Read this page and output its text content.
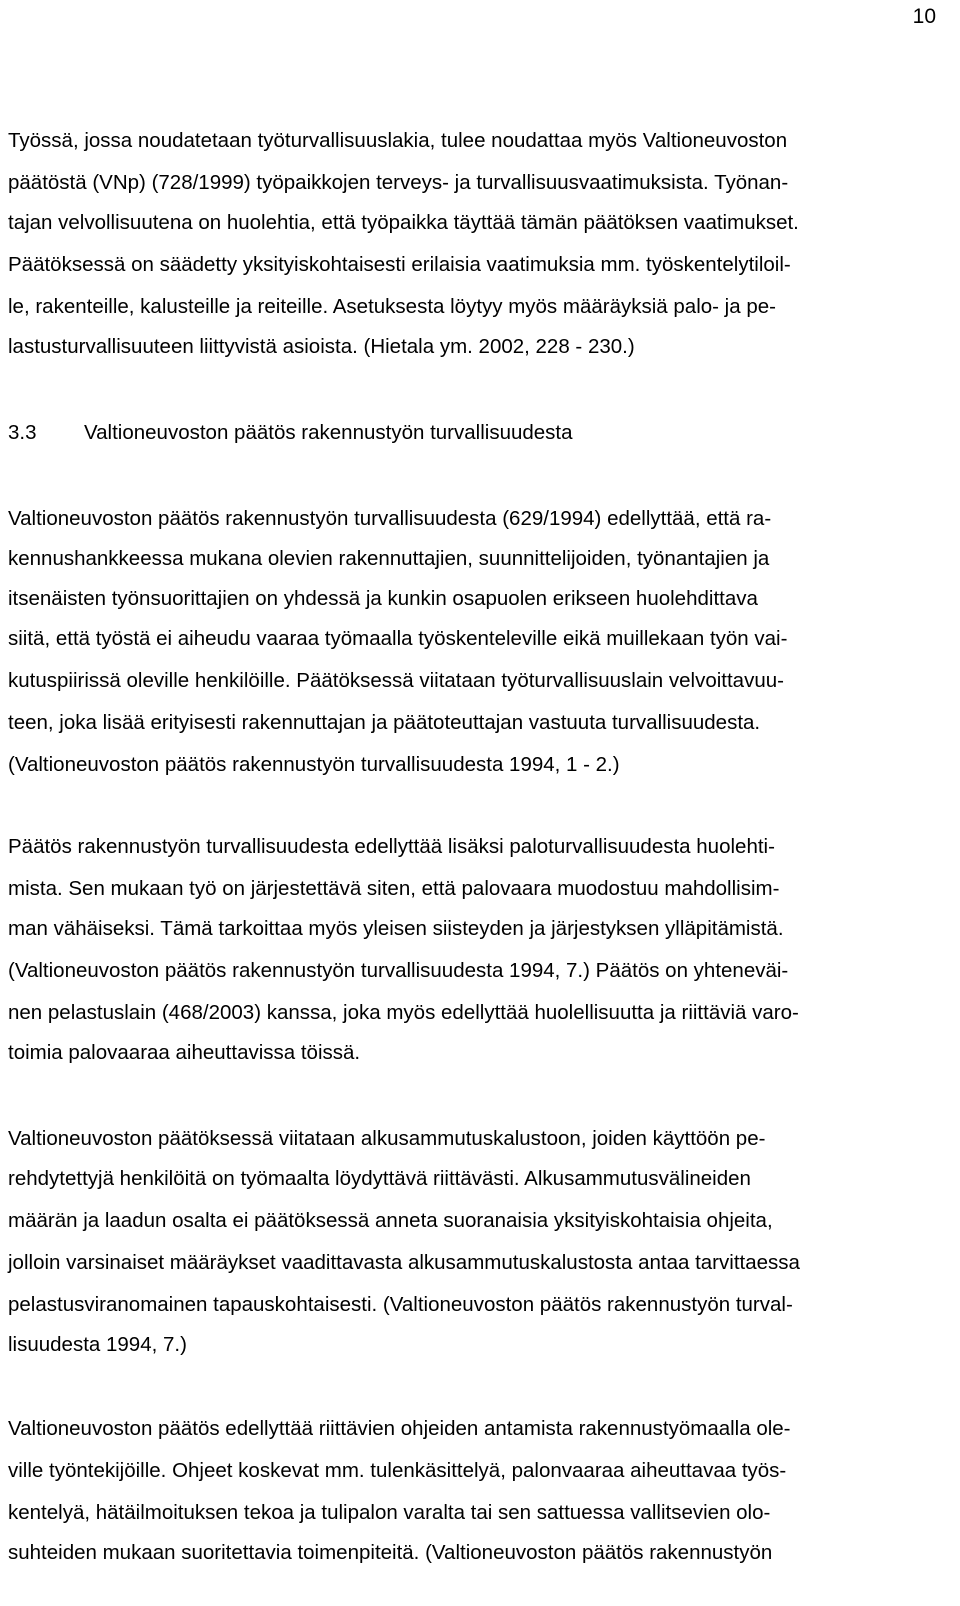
10
Työssä, jossa noudatetaan työturvallisuuslakia, tulee noudattaa myös Valtioneuvoston
päätöstä (VNp) (728/1999) työpaikkojen terveys- ja turvallisuusvaatimuksista. Työnan-
tajan velvollisuutena on huolehtia, että työpaikka täyttää tämän päätöksen vaatimukset.
Päätöksessä on säädetty yksityiskohtaisesti erilaisia vaatimuksia mm. työskentelytiloil-
le, rakenteille, kalusteille ja reiteille. Asetuksesta löytyy myös määräyksiä palo- ja pe-
lastusturvallisuuteen liittyvistä asioista. (Hietala ym. 2002, 228 - 230.)
3.3 Valtioneuvoston päätös rakennustyön turvallisuudesta
Valtioneuvoston päätös rakennustyön turvallisuudesta (629/1994) edellyttää, että ra-
kennushankkeessa mukana olevien rakennuttajien, suunnittelijoiden, työnantajien ja
itsenäisten työnsuorittajien on yhdessä ja kunkin osapuolen erikseen huolehdittava
siitä, että työstä ei aiheudu vaaraa työmaalla työskenteleville eikä muillekaan työn vai-
kutuspiirissä oleville henkilöille. Päätöksessä viitataan työturvallisuuslain velvoittavuu-
teen, joka lisää erityisesti rakennuttajan ja päätoteuttajan vastuuta turvallisuudesta.
(Valtioneuvoston päätös rakennustyön turvallisuudesta 1994, 1 - 2.)
Päätös rakennustyön turvallisuudesta edellyttää lisäksi paloturvallisuudesta huolehti-
mista. Sen mukaan työ on järjestettävä siten, että palovaara muodostuu mahdollisim-
man vähäiseksi. Tämä tarkoittaa myös yleisen siisteyden ja järjestyksen ylläpitämistä.
(Valtioneuvoston päätös rakennustyön turvallisuudesta 1994, 7.) Päätös on yhteneväi-
nen pelastuslain (468/2003) kanssa, joka myös edellyttää huolellisuutta ja riittäviä varo-
toimia palovaaraa aiheuttavissa töissä.
Valtioneuvoston päätöksessä viitataan alkusammutuskalustoon, joiden käyttöön pe-
rehdytettyjä henkilöitä on työmaalta löydyttävä riittävästi. Alkusammutusvälineiden
määrän ja laadun osalta ei päätöksessä anneta suoranaisia yksityiskohtaisia ohjeita,
jolloin varsinaiset määräykset vaadittavasta alkusammutuskalustosta antaa tarvittaessa
pelastusviranomainen tapauskohtaisesti. (Valtioneuvoston päätös rakennustyön turval-
lisuudesta 1994, 7.)
Valtioneuvoston päätös edellyttää riittävien ohjeiden antamista rakennustyömaalla ole-
ville työntekijöille. Ohjeet koskevat mm. tulenkäsittelyä, palonvaaraa aiheuttavaa työs-
kentelyä, hätäilmoituksen tekoa ja tulipalon varalta tai sen sattuessa vallitsevien olo-
suhteiden mukaan suoritettavia toimenpiteitä. (Valtioneuvoston päätös rakennustyön
